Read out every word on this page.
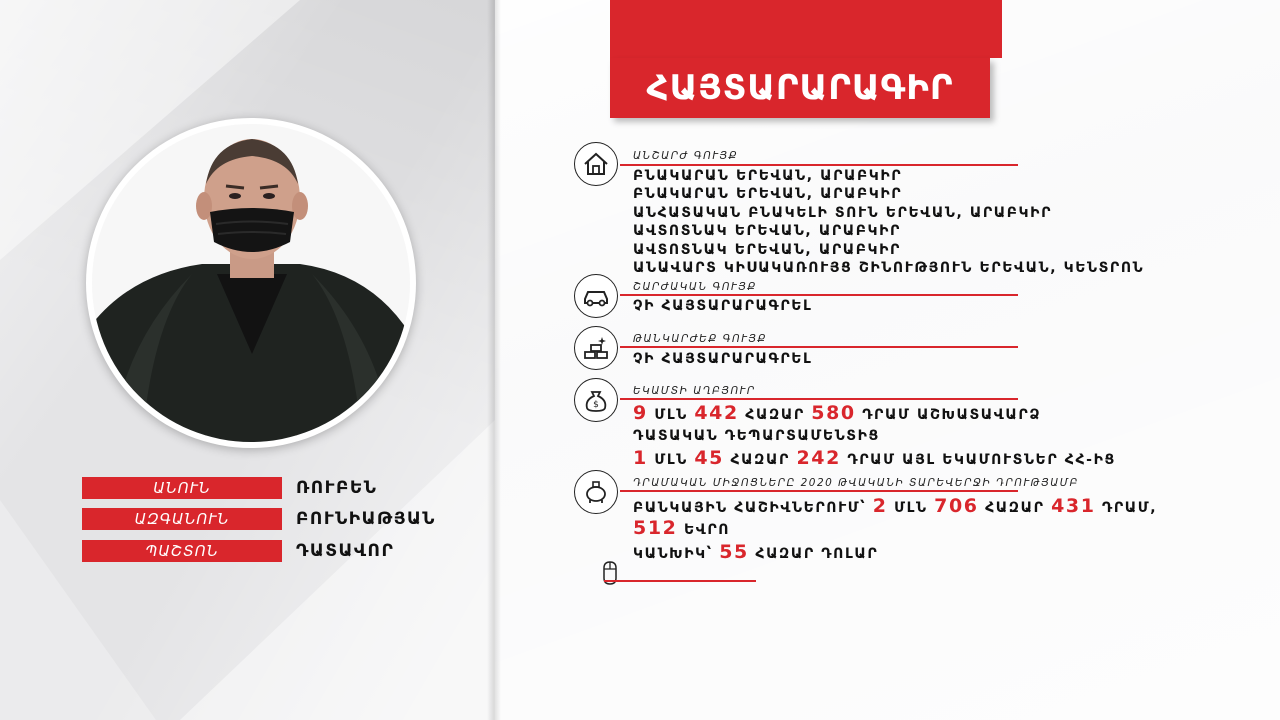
ՀԱՅՏԱՐԱՐԱԳԻՐ
ԱՆՈՒՆ	ՌՈՒԲԵՆ
ԱԶԳԱՆՈՒՆ	ԲՈՒՆԻԱԹՅԱՆ
ՊԱՇՏՈՆ	ԴԱՏԱՎՈՐ
ԱՆՇԱՐԺ ԳՈՒՅՔ
ԲՆԱԿԱՐԱՆ ԵՐԵՎԱՆ, ԱՐԱԲԿԻՐ
ԲՆԱԿԱՐԱՆ ԵՐԵՎԱՆ, ԱՐԱԲԿԻՐ
ԱՆՀԱՏԱԿԱՆ ԲՆԱԿԵԼԻ ՏՈՒՆ ԵՐԵՎԱՆ, ԱՐԱԲԿԻՐ
ԱՎՏՈՏՆԱԿ ԵՐԵՎԱՆ, ԱՐԱԲԿԻՐ
ԱՎՏՈՏՆԱԿ ԵՐԵՎԱՆ, ԱՐԱԲԿԻՐ
ԱՆԱՎԱՐՏ ԿԻՍԱԿԱՌՈՒՅՑ ՇԻՆՈՒԹՅՈՒՆ ԵՐԵՎԱՆ, ԿԵՆՏՐՈՆ
ՇԱՐԺԱԿԱՆ ԳՈՒՅՔ
ՉԻ ՀԱՅՏԱՐԱՐԱԳՐԵԼ
ԹԱՆԿԱՐԺԵՔ ԳՈՒՅՔ
ՉԻ ՀԱՅՏԱՐԱՐԱԳՐԵԼ
$
ԵԿԱՄՏԻ ԱՂԲՅՈՒՐ
9 ՄԼՆ 442 ՀԱԶԱՐ 580 ԴՐԱՄ ԱՇԽԱՏԱՎԱՐՁ
ԴԱՏԱԿԱՆ ԴԵՊԱՐՏԱՄԵՆՏԻՑ
1 ՄԼՆ 45 ՀԱԶԱՐ 242 ԴՐԱՄ ԱՅԼ ԵԿԱՄՈՒՏՆԵՐ ՀՀ-ԻՑ
ԴՐԱՄԱԿԱՆ ՄԻՋՈՑՆԵՐԸ 2020 ԹՎԱԿԱՆԻ ՏԱՐԵՎԵՐՋԻ ԴՐՈՒԹՅԱՄԲ
ԲԱՆԿԱՅԻՆ ՀԱՇԻՎՆԵՐՈՒՄ՝ 2 ՄԼՆ 706 ՀԱԶԱՐ 431 ԴՐԱՄ,
512 ԵՎՐՈ
ԿԱՆԽԻԿ՝ 55 ՀԱԶԱՐ ԴՈԼԱՐ
